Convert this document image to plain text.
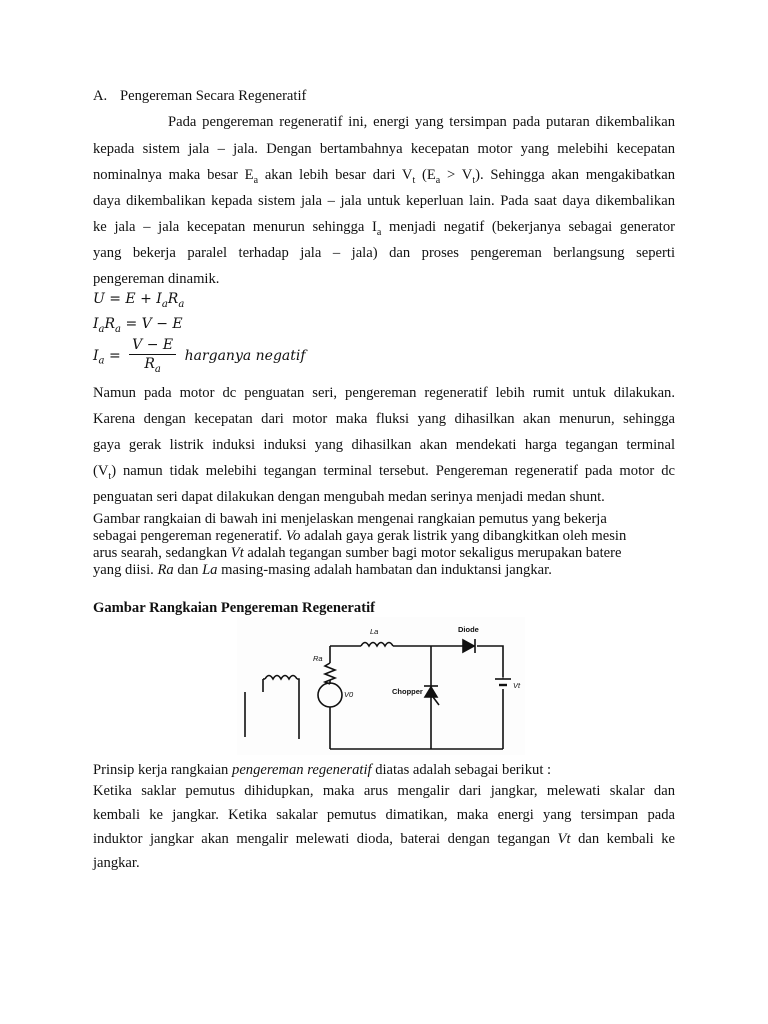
A. Pengereman Secara Regeneratif

Pada pengereman regeneratif ini, energi yang tersimpan pada putaran dikembalikan

kepada sistem jala – jala. Dengan bertambahnya kecepatan motor yang melebihi kecepatan

nominalnya maka besar $E_a$ akan lebih besar dari $V_t$ $(E_a > V_t)$. Sehingga akan mengakibatkan

daya dikembalikan kepada sistem jala – jala untuk keperluan lain. Pada saat daya dikembalikan

ke jala – jala kecepatan menurun sehingga $I_a$ menjadi negatif (bekerjanya sebagai generator

yang bekerja paralel terhadap jala – jala) dan proses pengereman berlangsung seperti

pengereman dinamik.

$U = E + I_aR_a$
$I_aR_a = V - E$
$I_a = \frac{V - E}{R_a}$ harganya negatif

Namun pada motor dc penguatan seri, pengereman regeneratif lebih rumit untuk dilakukan.

Karena dengan kecepatan dari motor maka fluksi yang dihasilkan akan menurun, sehingga

gaya gerak listrik induksi induksi yang dihasilkan akan mendekati harga tegangan terminal

$(V_t)$ namun tidak melebihi tegangan terminal tersebut. Pengereman regeneratif pada motor dc

penguatan seri dapat dilakukan dengan mengubah medan serinya menjadi medan shunt.

Gambar rangkaian di bawah ini menjelaskan mengenai rangkaian pemutus yang bekerja

sebagai pengereman regeneratif. Vo adalah gaya gerak listrik yang dibangkitkan oleh mesin

arus searah, sedangkan Vt adalah tegangan sumber bagi motor sekaligus merupakan batere

yang diisi. Ra dan La masing-masing adalah hambatan dan induktansi jangkar.

Gambar Rangkaian Pengereman Regeneratif

La
Ra
V0
Diode
Chopper
Vt

Prinsip kerja rangkaian pengereman regeneratif diatas adalah sebagai berikut :

Ketika saklar pemutus dihidupkan, maka arus mengalir dari jangkar, melewati skalar dan

kembali ke jangkar. Ketika sakalar pemutus dimatikan, maka energi yang tersimpan pada

induktor jangkar akan mengalir melewati dioda, baterai dengan tegangan Vt dan kembali ke

jangkar.
